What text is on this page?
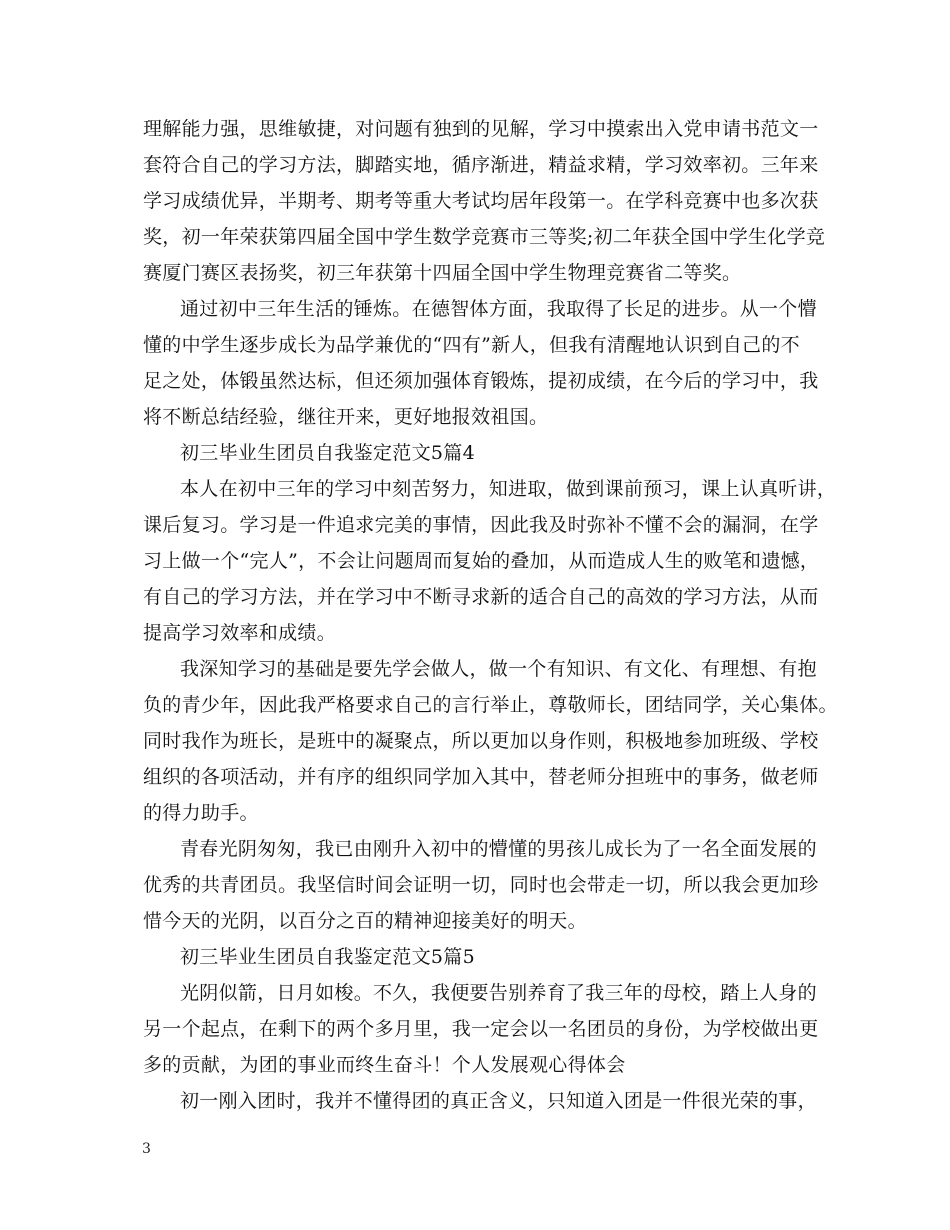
理解能力强，思维敏捷，对问题有独到的见解，学习中摸索出入党申请书范文一
套符合自己的学习方法，脚踏实地，循序渐进，精益求精，学习效率初。三年来
学习成绩优异，半期考、期考等重大考试均居年段第一。在学科竞赛中也多次获
奖，初一年荣获第四届全国中学生数学竞赛市三等奖;初二年获全国中学生化学竞
赛厦门赛区表扬奖，初三年获第十四届全国中学生物理竞赛省二等奖。
通过初中三年生活的锤炼。在德智体方面，我取得了长足的进步。从一个懵
懂的中学生逐步成长为品学兼优的“四有”新人，但我有清醒地认识到自己的不
足之处，体锻虽然达标，但还须加强体育锻炼，提初成绩，在今后的学习中，我
将不断总结经验，继往开来，更好地报效祖国。
初三毕业生团员自我鉴定范文5篇4
本人在初中三年的学习中刻苦努力，知进取，做到课前预习，课上认真听讲，
课后复习。学习是一件追求完美的事情，因此我及时弥补不懂不会的漏洞，在学
习上做一个“完人”，不会让问题周而复始的叠加，从而造成人生的败笔和遗憾，
有自己的学习方法，并在学习中不断寻求新的适合自己的高效的学习方法，从而
提高学习效率和成绩。
我深知学习的基础是要先学会做人，做一个有知识、有文化、有理想、有抱
负的青少年，因此我严格要求自己的言行举止，尊敬师长，团结同学，关心集体。
同时我作为班长，是班中的凝聚点，所以更加以身作则，积极地参加班级、学校
组织的各项活动，并有序的组织同学加入其中，替老师分担班中的事务，做老师
的得力助手。
青春光阴匆匆，我已由刚升入初中的懵懂的男孩儿成长为了一名全面发展的
优秀的共青团员。我坚信时间会证明一切，同时也会带走一切，所以我会更加珍
惜今天的光阴，以百分之百的精神迎接美好的明天。
初三毕业生团员自我鉴定范文5篇5
光阴似箭，日月如梭。不久，我便要告别养育了我三年的母校，踏上人身的
另一个起点，在剩下的两个多月里，我一定会以一名团员的身份，为学校做出更
多的贡献，为团的事业而终生奋斗！个人发展观心得体会
初一刚入团时，我并不懂得团的真正含义，只知道入团是一件很光荣的事，
3
